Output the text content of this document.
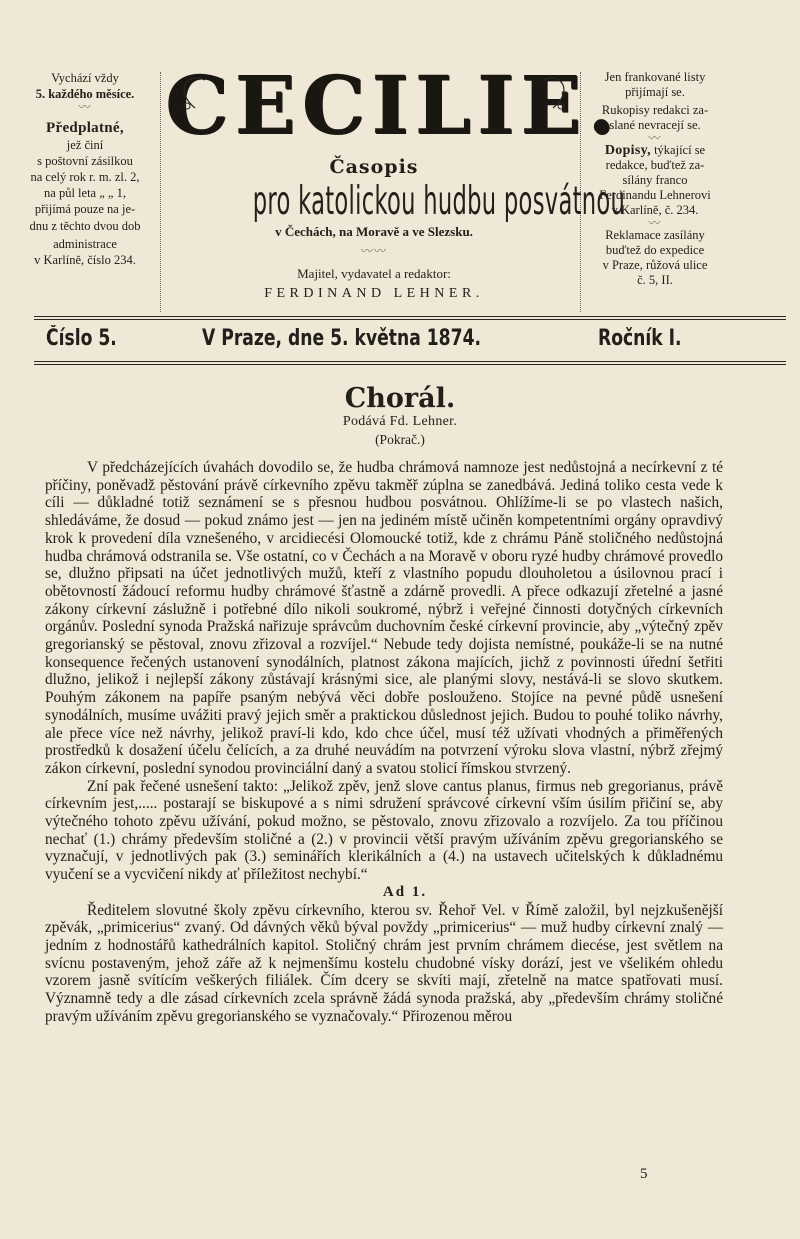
Vychází vždy
5. každého měsíce.
〰
Předplatné,
jež činí
s poštovní zásilkou
na celý rok r. m. zl. 2,
na půl leta „ „ 1,
přijímá pouze na je-
dnu z těchto dvou dob
administrace
v Karlíně, číslo 234.
CECILIE.
Časopis
pro katolickou hudbu posvátnou
v Čechách, na Moravě a ve Slezsku.
〰〰
Majitel, vydavatel a redaktor:
FERDINAND LEHNER.
Jen frankované listy
přijímají se.
Rukopisy redakci za-
slané nevracejí se.
〰
Dopisy, týkající se
redakce, buďtež za-
sílány franco
Ferdinandu Lehnerovi
v Karlíně, č. 234.
〰
Reklamace zasílány
buďtež do expedice
v Praze, růžová ulice
č. 5, II.
Číslo 5.	V Praze, dne 5. května 1874.	Ročník I.
Chorál.
Podává Fd. Lehner.
(Pokrač.)

V předcházejících úvahách dovodilo se, že hudba chrámová namnoze jest nedůstojná a necírkevní z té příčiny, poněvadž pěstování právě církevního zpěvu takměř zúplna se zanedbává. Jediná toliko cesta vede k cíli — důkladné totiž seznámení se s přesnou hudbou posvátnou. Ohlížíme-li se po vlastech našich, shledáváme, že dosud — pokud známo jest — jen na jediném místě učiněn kompetentními orgány opravdivý krok k provedení díla vznešeného, v arcidiecési Olomoucké totiž, kde z chrámu Páně stoličného nedůstojná hudba chrámová odstranila se. Vše ostatní, co v Čechách a na Moravě v oboru ryzé hudby chrámové provedlo se, dlužno připsati na účet jednotlivých mužů, kteří z vlastního popudu dlouholetou a úsilovnou prací i obětovností žádoucí reformu hudby chrámové šťastně a zdárně provedli. A přece odkazují zřetelné a jasné zákony církevní záslužně i potřebné dílo nikoli soukromé, nýbrž i veřejné činnosti dotyčných církevních orgánův. Poslední synoda Pražská nařizuje správcům duchovním české církevní provincie, aby „výtečný zpěv gregorianský se pěstoval, znovu zřizoval a rozvíjel.“ Nebude tedy dojista nemístné, poukáže-li se na nutné konsequence řečených ustanovení synodálních, platnost zákona majících, jichž z povinnosti úřední šetřiti dlužno, jelikož i nejlepší zákony zůstávají krásnými sice, ale planými slovy, nestává-li se slovo skutkem. Pouhým zákonem na papíře psaným nebývá věci dobře poslouženo. Stojíce na pevné půdě usnešení synodálních, musíme uvážiti pravý jejich směr a praktickou důslednost jejich. Budou to pouhé toliko návrhy, ale přece více než návrhy, jelikož praví-li kdo, kdo chce účel, musí též užívati vhodných a přiměřených prostředků k dosažení účelu čelících, a za druhé neuvádím na potvrzení výroku slova vlastní, nýbrž zřejmý zákon církevní, poslední synodou provinciální daný a svatou stolicí římskou stvrzený.

Zní pak řečené usnešení takto: „Jelikož zpěv, jenž slove cantus planus, firmus neb gregorianus, právě církevním jest,..... postarají se biskupové a s nimi sdružení správcové církevní vším úsilím přičiní se, aby výtečného tohoto zpěvu užívání, pokud možno, se pěstovalo, znovu zřizovalo a rozvíjelo. Za tou příčinou nechať (1.) chrámy především stoličné a (2.) v provincii větší pravým užíváním zpěvu gregorianského se vyznačují, v jednotlivých pak (3.) seminářích klerikálních a (4.) na ustavech učitelských k důkladnému vyučení se a vycvičení nikdy ať příležitost nechybí.“

Ad 1.

Ředitelem slovutné školy zpěvu církevního, kterou sv. Řehoř Vel. v Římě založil, byl nejzkušenější zpěvák, „primicerius“ zvaný. Od dávných věků býval povždy „primicerius“ — muž hudby církevní znalý — jedním z hodnostářů kathedrálních kapitol. Stoličný chrám jest prvním chrámem diecése, jest světlem na svícnu postaveným, jehož záře až k nejmenšímu kostelu chudobné vísky dorází, jest ve všelikém ohledu vzorem jasně svítícím veškerých filiálek. Čím dcery se skvíti mají, zřetelně na matce spatřovati musí. Významně tedy a dle zásad církevních zcela správně žádá synoda pražská, aby „především chrámy stoličné pravým užíváním zpěvu gregorianského se vyznačovaly.“ Přirozenou měrou

5
